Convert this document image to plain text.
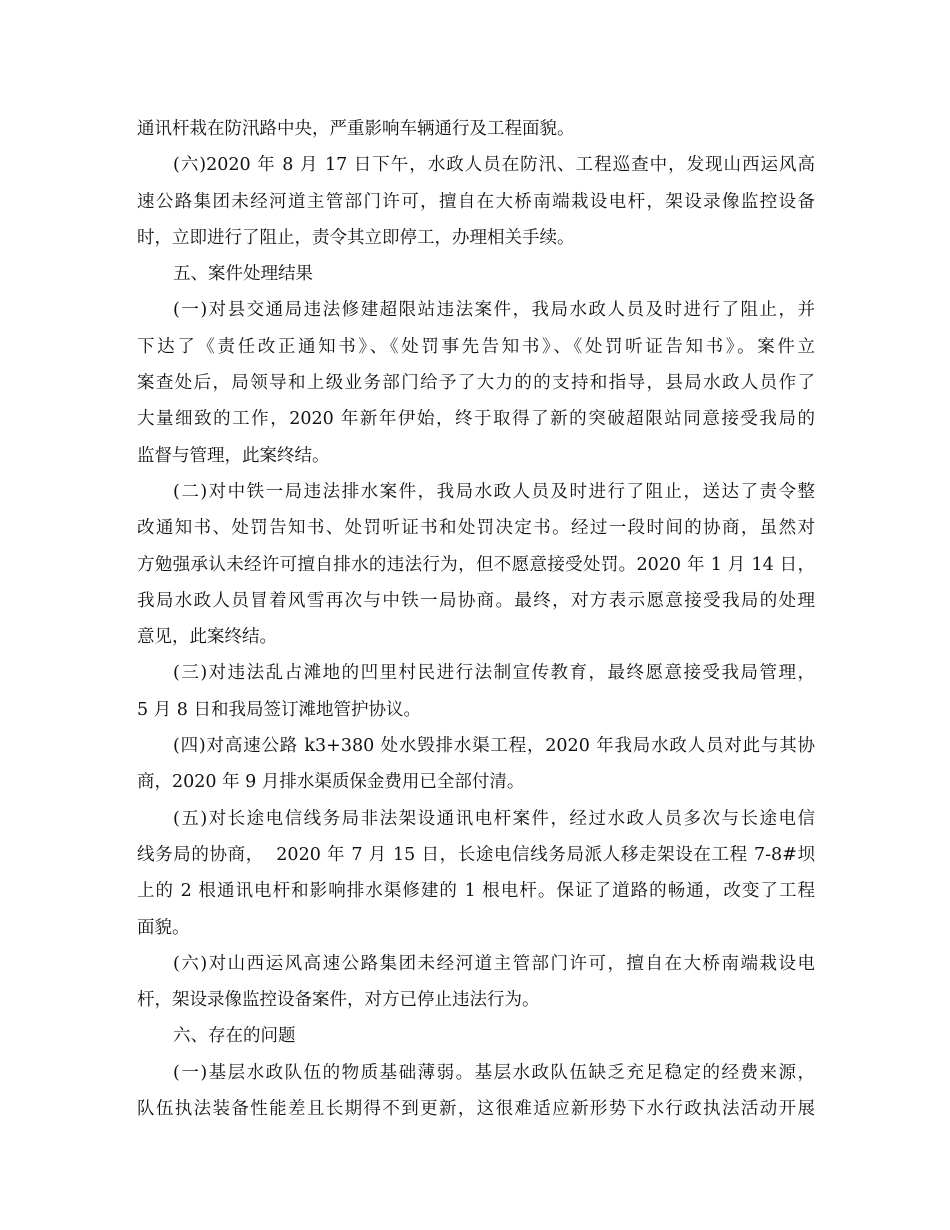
通讯杆栽在防汛路中央，严重影响车辆通行及工程面貌。
(六)2020 年 8 月 17 日下午，水政人员在防汛、工程巡查中，发现山西运风高
速公路集团未经河道主管部门许可，擅自在大桥南端栽设电杆，架设录像监控设备
时，立即进行了阻止，责令其立即停工，办理相关手续。
五、案件处理结果
(一)对县交通局违法修建超限站违法案件，我局水政人员及时进行了阻止，并
下达了《责任改正通知书》、《处罚事先告知书》、《处罚听证告知书》。案件立
案查处后，局领导和上级业务部门给予了大力的的支持和指导，县局水政人员作了
大量细致的工作，2020 年新年伊始，终于取得了新的突破超限站同意接受我局的
监督与管理，此案终结。
(二)对中铁一局违法排水案件，我局水政人员及时进行了阻止，送达了责令整
改通知书、处罚告知书、处罚听证书和处罚决定书。经过一段时间的协商，虽然对
方勉强承认未经许可擅自排水的违法行为，但不愿意接受处罚。2020 年 1 月 14 日，
我局水政人员冒着风雪再次与中铁一局协商。最终，对方表示愿意接受我局的处理
意见，此案终结。
(三)对违法乱占滩地的凹里村民进行法制宣传教育，最终愿意接受我局管理，
5 月 8 日和我局签订滩地管护协议。
(四)对高速公路 k3+380 处水毁排水渠工程，2020 年我局水政人员对此与其协
商，2020 年 9 月排水渠质保金费用已全部付清。
(五)对长途电信线务局非法架设通讯电杆案件，经过水政人员多次与长途电信
线务局的协商，  2020 年 7 月 15 日，长途电信线务局派人移走架设在工程 7-8#坝
上的 2 根通讯电杆和影响排水渠修建的 1 根电杆。保证了道路的畅通，改变了工程
面貌。
(六)对山西运风高速公路集团未经河道主管部门许可，擅自在大桥南端栽设电
杆，架设录像监控设备案件，对方已停止违法行为。
六、存在的问题
(一)基层水政队伍的物质基础薄弱。基层水政队伍缺乏充足稳定的经费来源，
队伍执法装备性能差且长期得不到更新，这很难适应新形势下水行政执法活动开展
